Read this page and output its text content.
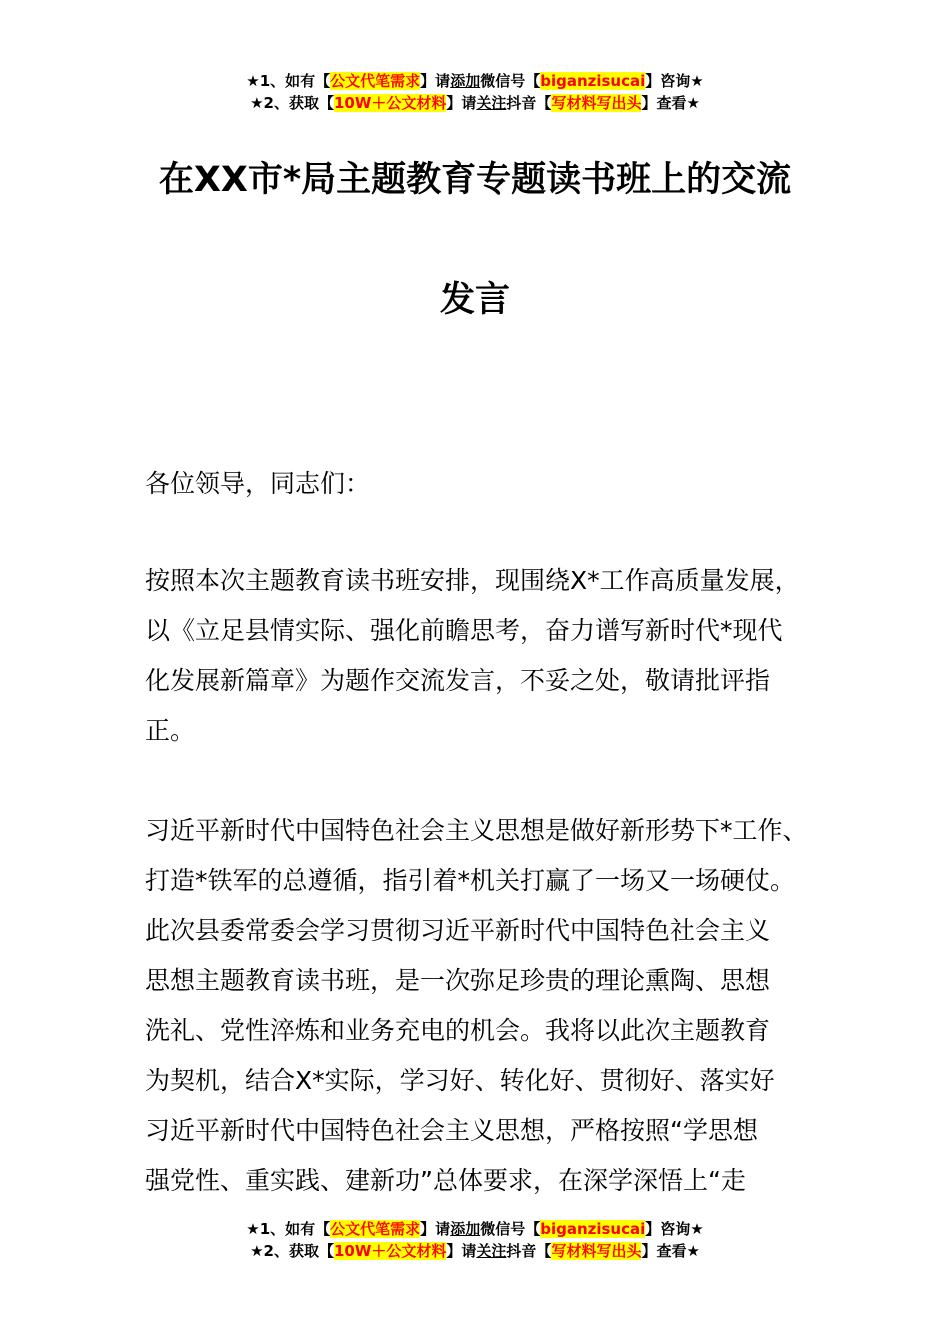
★1、如有【公文代笔需求】请添加微信号【biganzisucai】咨询★
★2、获取【10W＋公文材料】请关注抖音【写材料写出头】查看★
在XX市*局主题教育专题读书班上的交流
发言
各位领导，同志们：
按照本次主题教育读书班安排，现围绕X*工作高质量发展，
以《立足县情实际、强化前瞻思考，奋力谱写新时代*现代
化发展新篇章》为题作交流发言，不妥之处，敬请批评指
正。
习近平新时代中国特色社会主义思想是做好新形势下*工作、
打造*铁军的总遵循，指引着*机关打赢了一场又一场硬仗。
此次县委常委会学习贯彻习近平新时代中国特色社会主义
思想主题教育读书班，是一次弥足珍贵的理论熏陶、思想
洗礼、党性淬炼和业务充电的机会。我将以此次主题教育
为契机，结合X*实际，学习好、转化好、贯彻好、落实好
习近平新时代中国特色社会主义思想，严格按照“学思想
强党性、重实践、建新功”总体要求，在深学深悟上“走
★1、如有【公文代笔需求】请添加微信号【biganzisucai】咨询★
★2、获取【10W＋公文材料】请关注抖音【写材料写出头】查看★
